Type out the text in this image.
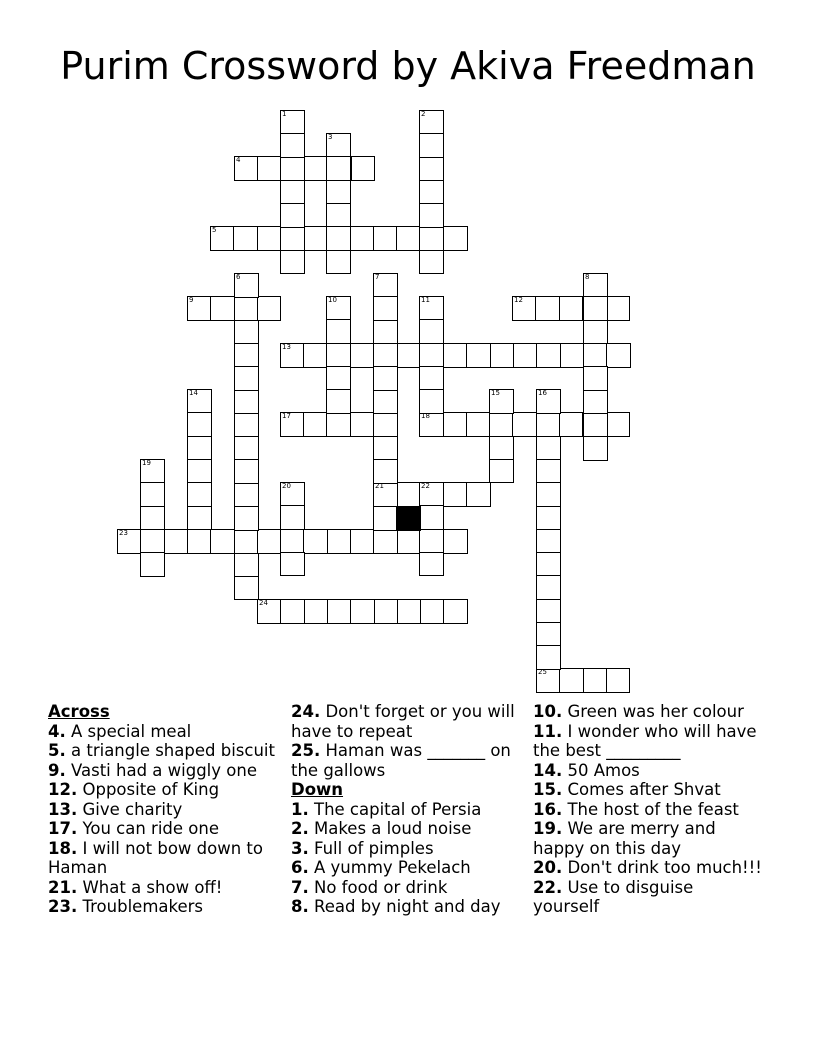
Purim Crossword by Akiva Freedman
1	2
3
4
5
6	7	8
9	10	11	12
13
14	15	16
17	18
19
20	21	22
23
24
25

Across

4. A special meal

5. a triangle shaped biscuit

9. Vasti had a wiggly one

12. Opposite of King

13. Give charity

17. You can ride one

18. I will not bow down to Haman

21. What a show off!

23. Troublemakers

24. Don't forget or you will have to repeat

25. Haman was _______ on the gallows

Down

1. The capital of Persia

2. Makes a loud noise

3. Full of pimples

6. A yummy Pekelach

7. No food or drink

8. Read by night and day

10. Green was her colour

11. I wonder who will have the best _________

14. 50 Amos

15. Comes after Shvat

16. The host of the feast

19. We are merry and happy on this day

20. Don't drink too much!!!

22. Use to disguise yourself
